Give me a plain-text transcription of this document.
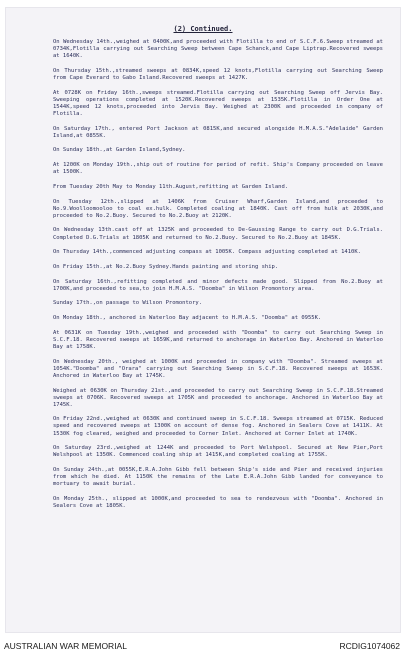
(2) Continued.

On Wednesday 14th.,weighed at 0400K,and proceeded with Flotilla to end of S.C.F.6.Sweep streamed at 0734K,Flotilla carrying out Searching Sweep between Cape Schanck,and Cape Liptrap.Recovered sweeps at 1640K.

On Thursday 15th.,streamed sweeps at 0834K,speed 12 knots,Flotilla carrying out Searching Sweep from Cape Everard to Gabo Island.Recovered sweeps at 1427K.

At 0728K on Friday 16th.,sweeps streamed.Flotilla carrying out Searching Sweep off Jervis Bay. Sweeping operations completed at 1520K.Recovered sweeps at 1535K.Flotilla in Order One at 1544K,speed 12 knots,proceeded into Jervis Bay. Weighed at 2300K and proceeded in company of Flotilla.

On Saturday 17th., entered Port Jackson at 0815K,and secured alongside H.M.A.S."Adelaide" Garden Island,at 0855K.

On Sunday 18th.,at Garden Island,Sydney.

At 1200K on Monday 19th.,ship out of routine for period of refit. Ship's Company proceeded on leave at 1500K.

From Tuesday 20th May to Monday 11th.August,refitting at Garden Island.

On Tuesday 12th.,slipped at 1406K from Cruiser Wharf,Garden Island,and proceeded to No.9.Woolloomooloo to coal ex.hulk. Completed coaling at 1840K. Cast off from hulk at 2030K,and proceeded to No.2.Buoy. Secured to No.2.Buoy at 2120K.

On Wednesday 13th.cast off at 1325K and proceeded to De-Gaussing Range to carry out D.G.Trials. Completed D.G.Trials at 1805K and returned to No.2.Buoy. Secured to No.2.Buoy at 1845K.

On Thursday 14th.,commenced adjusting compass at 1005K. Compass adjusting completed at 1410K.

On Friday 15th.,at No.2.Buoy Sydney.Hands painting and storing ship.

On Saturday 16th.,refitting completed and minor defects made good. Slipped from No.2.Buoy at 1700K,and proceeded to sea,to join H.M.A.S. "Doomba" in Wilson Promontory area.

Sunday 17th.,on passage to Wilson Promontory.

On Monday 18th., anchored in Waterloo Bay adjacent to H.M.A.S. "Doomba" at 0955K.

At 0631K on Tuesday 19th.,weighed and proceeded with "Doomba" to carry out Searching Sweep in S.C.F.18. Recovered sweeps at 1659K,and returned to anchorage in Waterloo Bay. Anchored in Waterloo Bay at 1758K.

On Wednesday 20th., weighed at 1000K and proceeded in company with "Doomba". Streamed sweeps at 1054K."Doomba" and "Orara" carrying out Searching Sweep in S.C.F.18. Recovered sweeps at 1653K. Anchored in Waterloo Bay at 1745K.

Weighed at 0630K on Thursday 21st.,and proceeded to carry out Searching Sweep in S.C.F.18.Streamed sweeps at 0706K. Recovered sweeps at 1705K and proceeded to anchorage. Anchored in Waterloo Bay at 1745K.

On Friday 22nd.,weighed at 0630K and continued sweep in S.C.F.18. Sweeps streamed at 0715K. Reduced speed and recovered sweeps at 1300K on account of dense fog. Anchored in Sealers Cove at 1411K. At 1530K fog cleared, weighed and proceeded to Corner Inlet. Anchored at Corner Inlet at 1740K.

On Saturday 23rd.,weighed at 1244K and proceeded to Port Welshpool. Secured at New Pier,Port Welshpool at 1350K. Commenced coaling ship at 1415K,and completed coaling at 1755K.

On Sunday 24th.,at 0055K,E.R.A.John Gibb fell between Ship's side and Pier and received injuries from which he died. At 1150K the remains of the Late E.R.A.John Gibb landed for conveyance to mortuary to await burial.

On Monday 25th., slipped at 1000K,and proceeded to sea to rendezvous with "Doomba". Anchored in Sealers Cove at 1805K.

AUSTRALIAN WAR MEMORIAL	RCDIG1074062
